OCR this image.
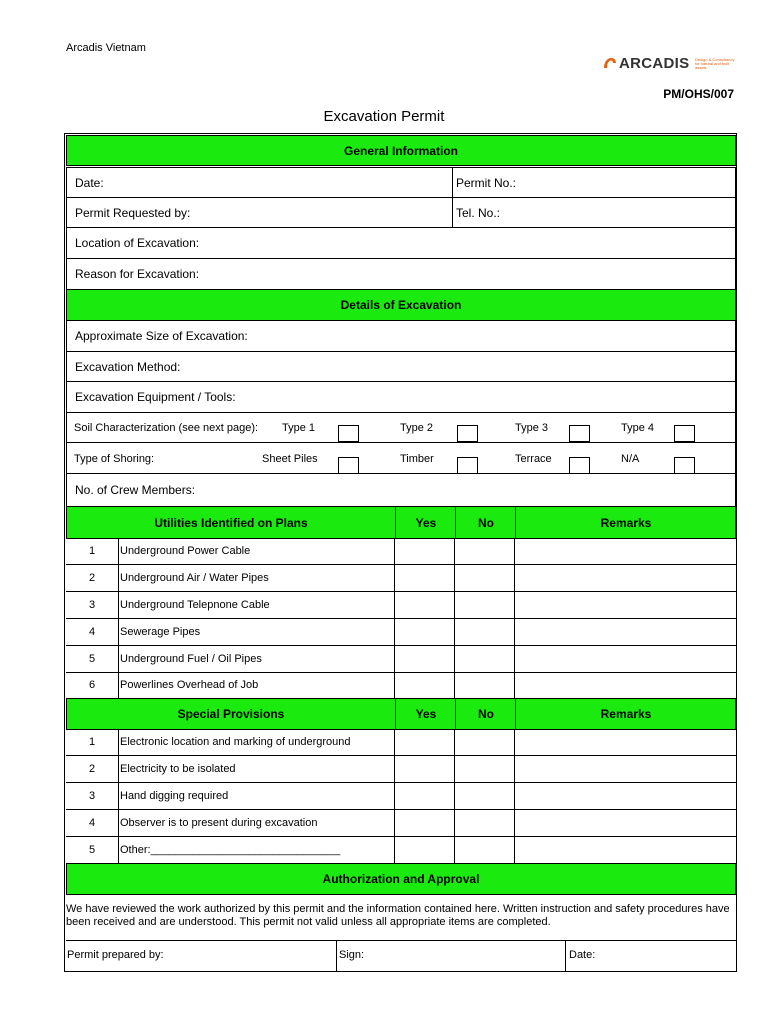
Arcadis Vietnam
ARCADIS Design & Consultancy for natural and built assets
PM/OHS/007
Excavation Permit
General Information
Date:	Permit No.:
Permit Requested by:	Tel. No.:
Location of Excavation:
Reason for Excavation:
Details of Excavation
Approximate Size of Excavation:
Excavation Method:
Excavation Equipment / Tools:
Soil Characterization (see next page): Type 1	Type 2	Type 3	Type 4
Type of Shoring:	Sheet Piles	Timber	Terrace	N/A
No. of Crew Members:
Utilities Identified on Plans	Yes	No	Remarks
1	Underground Power Cable
2	Underground Air / Water Pipes
3	Underground Telepnone Cable
4	Sewerage Pipes
5	Underground Fuel / Oil Pipes
6	Powerlines Overhead of Job
Special Provisions	Yes	No	Remarks
1	Electronic location and marking of underground
2	Electricity to be isolated
3	Hand digging required
4	Observer is to present during excavation
5	Other:_______________________________
Authorization and Approval
We have reviewed the work authorized by this permit and the information contained here. Written instruction and safety procedures have been received and are understood. This permit not valid unless all appropriate items are completed.
Permit prepared by:	Sign:	Date:
